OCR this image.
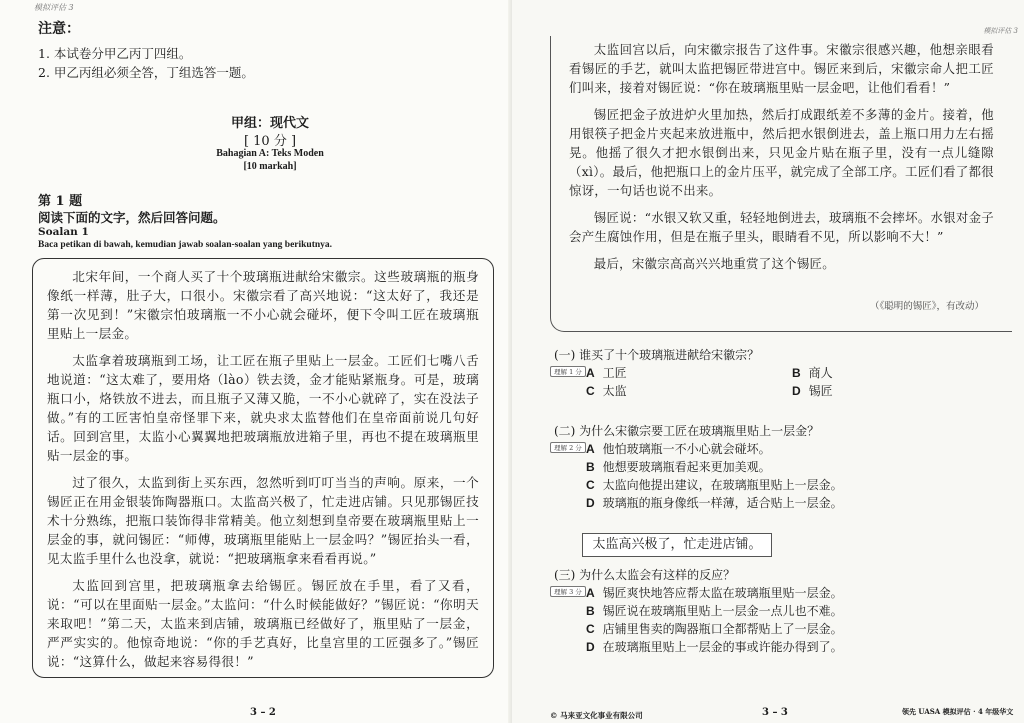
模拟评估 3
注意：
1. 本试卷分甲乙丙丁四组。
2. 甲乙丙组必须全答，丁组选答一题。
甲组：现代文
[ 10 分 ]
Bahagian A: Teks Moden
[10 markah]
第 1 题
阅读下面的文字，然后回答问题。
Soalan 1
Baca petikan di bawah, kemudian jawab soalan-soalan yang berikutnya.

北宋年间，一个商人买了十个玻璃瓶进献给宋徽宗。这些玻璃瓶的瓶身像纸一样薄，肚子大，口很小。宋徽宗看了高兴地说：“这太好了，我还是第一次见到！”宋徽宗怕玻璃瓶一不小心就会碰坏，便下令叫工匠在玻璃瓶里贴上一层金。

太监拿着玻璃瓶到工场，让工匠在瓶子里贴上一层金。工匠们七嘴八舌地说道：“这太难了，要用烙（lào）铁去烫，金才能贴紧瓶身。可是，玻璃瓶口小，烙铁放不进去，而且瓶子又薄又脆，一不小心就碎了，实在没法子做。”有的工匠害怕皇帝怪罪下来，就央求太监替他们在皇帝面前说几句好话。回到宫里，太监小心翼翼地把玻璃瓶放进箱子里，再也不提在玻璃瓶里贴一层金的事。

过了很久，太监到街上买东西，忽然听到叮叮当当的声响。原来，一个锡匠正在用金银装饰陶器瓶口。太监高兴极了，忙走进店铺。只见那锡匠技术十分熟练，把瓶口装饰得非常精美。他立刻想到皇帝要在玻璃瓶里贴上一层金的事，就问锡匠：“师傅，玻璃瓶里能贴上一层金吗？”锡匠抬头一看，见太监手里什么也没拿，就说：“把玻璃瓶拿来看看再说。”

太监回到宫里，把玻璃瓶拿去给锡匠。锡匠放在手里，看了又看，说：“可以在里面贴一层金。”太监问：“什么时候能做好？”锡匠说：“你明天来取吧！”第二天，太监来到店铺，玻璃瓶已经做好了，瓶里贴了一层金，严严实实的。他惊奇地说：“你的手艺真好，比皇宫里的工匠强多了。”锡匠说：“这算什么，做起来容易得很！”

3 – 2
模拟评估 3

太监回宫以后，向宋徽宗报告了这件事。宋徽宗很感兴趣，他想亲眼看看锡匠的手艺，就叫太监把锡匠带进宫中。锡匠来到后，宋徽宗命人把工匠们叫来，接着对锡匠说：“你在玻璃瓶里贴一层金吧，让他们看看！”

锡匠把金子放进炉火里加热，然后打成跟纸差不多薄的金片。接着，他用银筷子把金片夹起来放进瓶中，然后把水银倒进去，盖上瓶口用力左右摇晃。他摇了很久才把水银倒出来，只见金片贴在瓶子里，没有一点儿缝隙（xì）。最后，他把瓶口上的金片压平，就完成了全部工序。工匠们看了都很惊讶，一句话也说不出来。

锡匠说：“水银又软又重，轻轻地倒进去，玻璃瓶不会摔坏。水银对金子会产生腐蚀作用，但是在瓶子里头，眼睛看不见，所以影响不大！”

最后，宋徽宗高高兴兴地重赏了这个锡匠。

（《聪明的锡匠》，有改动）
(一) 谁买了十个玻璃瓶进献给宋徽宗？
理解 1 分 A 工匠	B 商人
C 太监	D 锡匠
(二) 为什么宋徽宗要工匠在玻璃瓶里贴上一层金？
理解 2 分 A 他怕玻璃瓶一不小心就会碰坏。
B 他想要玻璃瓶看起来更加美观。
C 太监向他提出建议，在玻璃瓶里贴上一层金。
D 玻璃瓶的瓶身像纸一样薄，适合贴上一层金。
太监高兴极了，忙走进店铺。
(三) 为什么太监会有这样的反应？
理解 3 分 A 锡匠爽快地答应帮太监在玻璃瓶里贴一层金。
B 锡匠说在玻璃瓶里贴上一层金一点儿也不难。
C 店铺里售卖的陶器瓶口全都帮贴上了一层金。
D 在玻璃瓶里贴上一层金的事或许能办得到了。
© 马来亚文化事业有限公司	3 – 3	领先 UASA 模拟评估 · 4 年级华文
